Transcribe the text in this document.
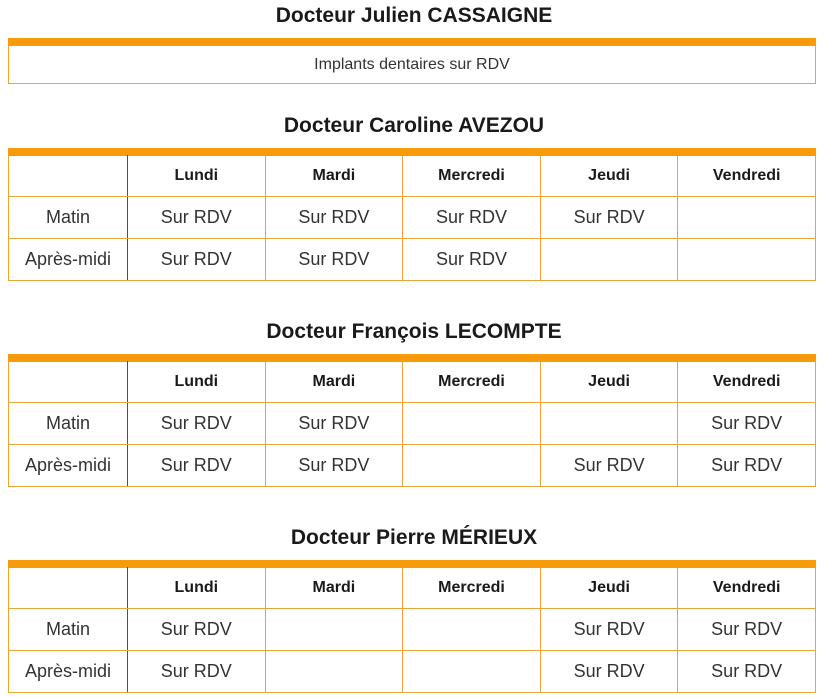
Docteur Julien CASSAIGNE
Implants dentaires sur RDV
Docteur Caroline AVEZOU
	Lundi	Mardi	Mercredi	Jeudi	Vendredi
Matin	Sur RDV	Sur RDV	Sur RDV	Sur RDV	
Après-midi	Sur RDV	Sur RDV	Sur RDV		
Docteur François LECOMPTE
	Lundi	Mardi	Mercredi	Jeudi	Vendredi
Matin	Sur RDV	Sur RDV			Sur RDV
Après-midi	Sur RDV	Sur RDV		Sur RDV	Sur RDV
Docteur Pierre MÉRIEUX
	Lundi	Mardi	Mercredi	Jeudi	Vendredi
Matin	Sur RDV			Sur RDV	Sur RDV
Après-midi	Sur RDV			Sur RDV	Sur RDV
